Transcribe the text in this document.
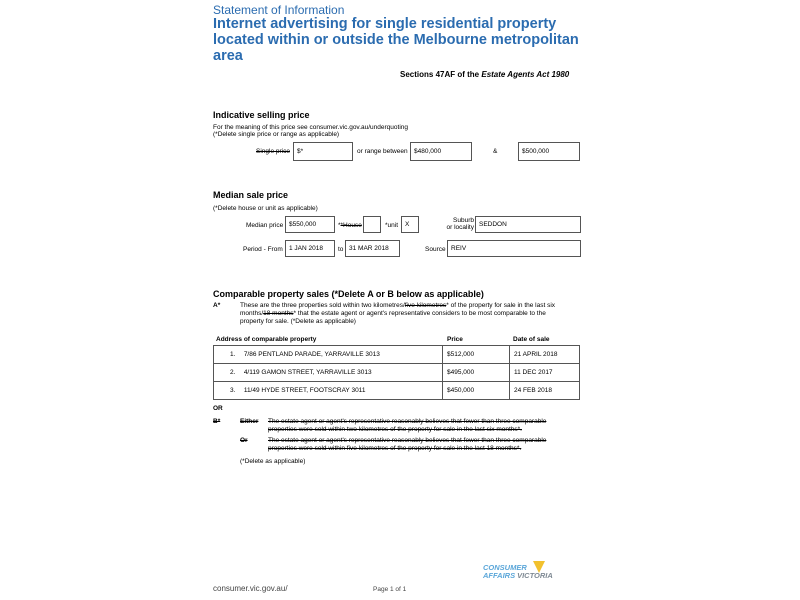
Statement of Information
Internet advertising for single residential property located within or outside the Melbourne metropolitan area
Sections 47AF of the Estate Agents Act 1980
Indicative selling price
For the meaning of this price see consumer.vic.gov.au/underquoting
(*Delete single price or range as applicable)
Single price	$*	or range between $480,000	&	$500,000
Median sale price
(*Delete house or unit as applicable)
Median price $550,000	**House	*unit	X
Suburb
or locality SEDDON
Period - From 1 JAN 2018	to 31 MAR 2018	Source REIV
Comparable property sales (*Delete A or B below as applicable)
A*	These are the three properties sold within two kilometres/five kilometres* of the property for sale in the last six
months/18 months* that the estate agent or agent's representative considers to be most comparable to the
property for sale. (*Delete as applicable)
Address of comparable property	Price	Date of sale
1. 7/86 PENTLAND PARADE, YARRAVILLE 3013	$512,000	21 APRIL 2018
2. 4/119 GAMON STREET, YARRAVILLE 3013	$495,000	11 DEC 2017
3. 11/49 HYDE STREET, FOOTSCRAY 3011	$450,000	24 FEB 2018
OR
B*	Either The estate agent or agent's representative reasonably believes that fewer than three comparable
properties were sold within two kilometres of the property for sale in the last six months*.
Or	The estate agent or agent's representative reasonably believes that fewer than three comparable
properties were sold within five kilometres of the property for sale in the last 18 months*.
(*Delete as applicable)
consumer.vic.gov.au/	Page 1 of 1
CONSUMER
AFFAIRS VICTORIA
